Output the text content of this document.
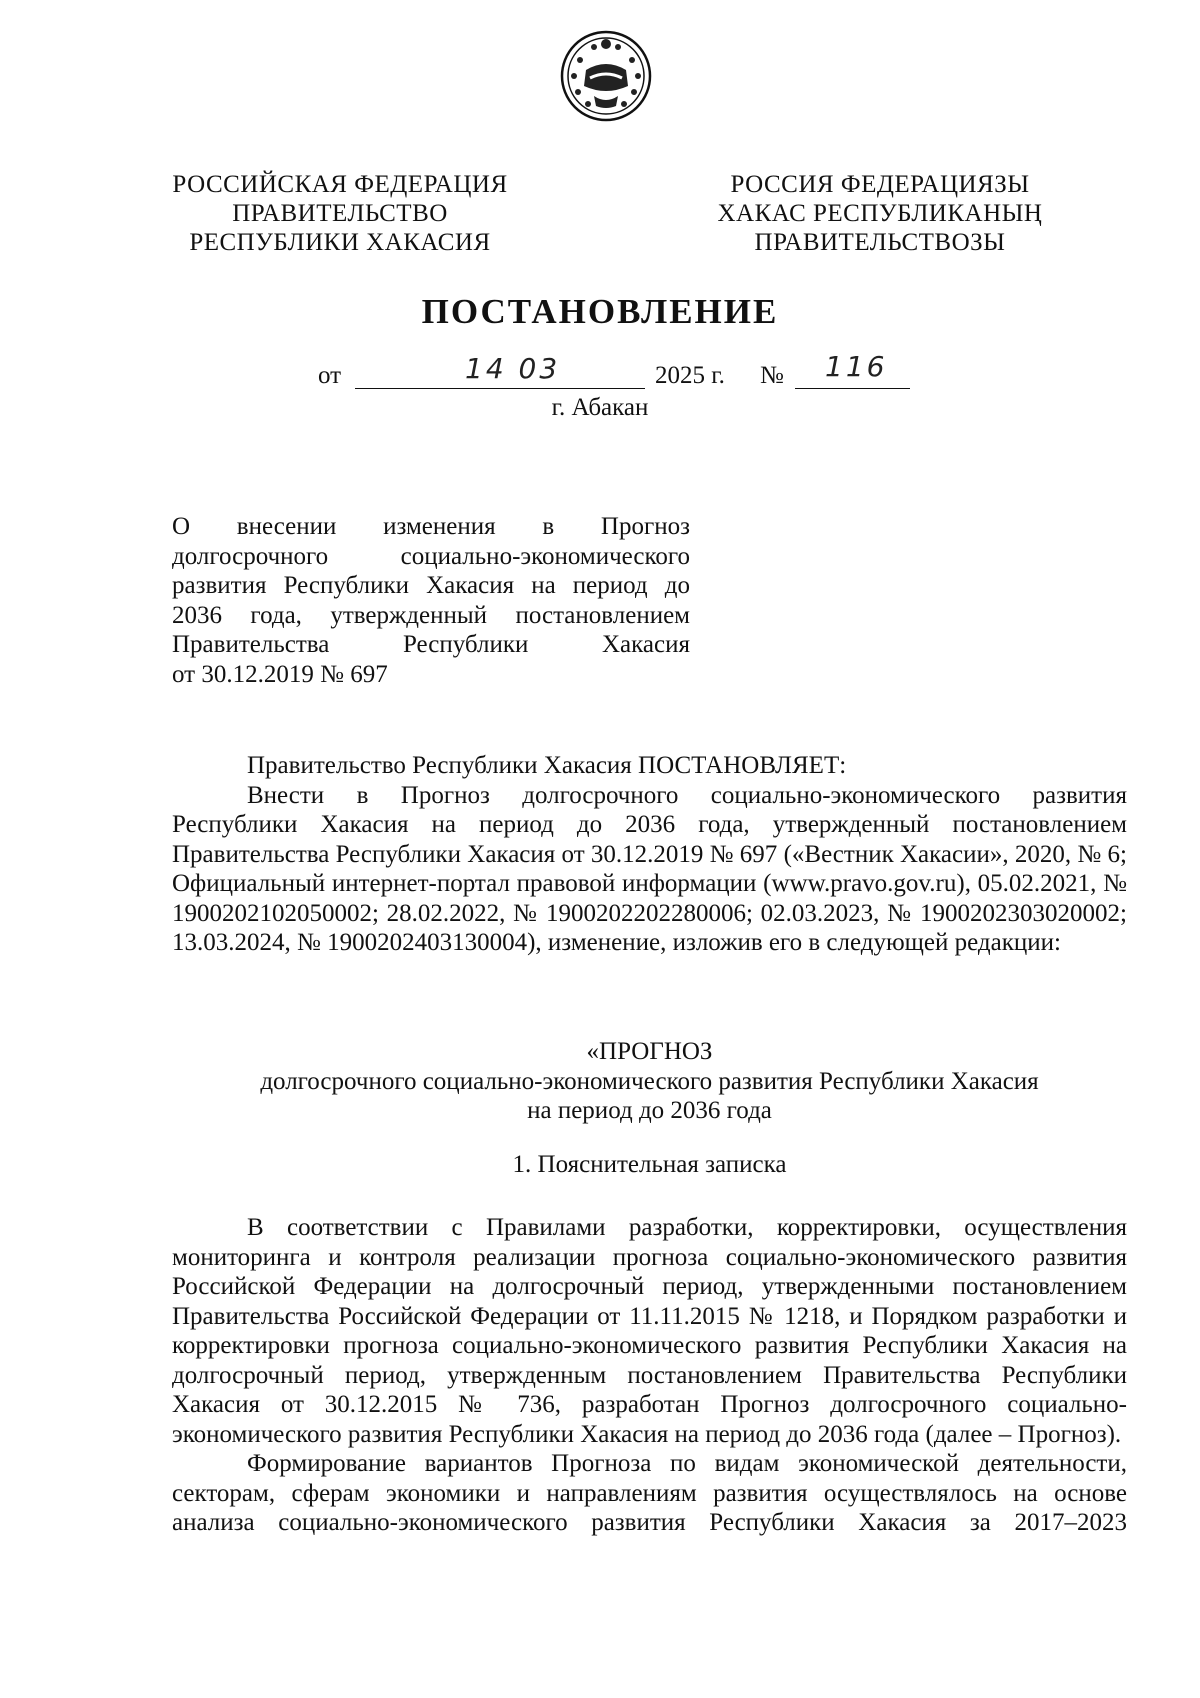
РОССИЙСКАЯ ФЕДЕРАЦИЯ
ПРАВИТЕЛЬСТВО
РЕСПУБЛИКИ ХАКАСИЯ
РОССИЯ ФЕДЕРАЦИЯЗЫ
ХАКАС РЕСПУБЛИКАНЫҢ
ПРАВИТЕЛЬСТВОЗЫ
ПОСТАНОВЛЕНИЕ
от	14 03	2025 г. № 116
г. Абакан

О внесении изменения в Прогноз долгосрочного социально-экономического развития Республики Хакасия на период до 2036 года, утвержденный постановлением Правительства Республики Хакасия

от 30.12.2019 № 697

Правительство Республики Хакасия ПОСТАНОВЛЯЕТ:

Внести в Прогноз долгосрочного социально-экономического развития Республики Хакасия на период до 2036 года, утвержденный постановлением Правительства Республики Хакасия от 30.12.2019 № 697 («Вестник Хакасии», 2020, № 6; Официальный интернет-портал правовой информации (www.pravo.gov.ru), 05.02.2021, № 1900202102050002; 28.02.2022, № 1900202202280006; 02.03.2023, № 1900202303020002; 13.03.2024, № 1900202403130004), изменение, изложив его в следующей редакции:

«ПРОГНОЗ

долгосрочного социально-экономического развития Республики Хакасия

на период до 2036 года

1. Пояснительная записка

В соответствии с Правилами разработки, корректировки, осуществления мониторинга и контроля реализации прогноза социально-экономического развития Российской Федерации на долгосрочный период, утвержденными постановлением Правительства Российской Федерации от 11.11.2015 № 1218, и Порядком разработки и корректировки прогноза социально-экономического развития Республики Хакасия на долгосрочный период, утвержденным постановлением Правительства Республики Хакасия от 30.12.2015 № 736, разработан Прогноз долгосрочного социально-экономического развития Республики Хакасия на период до 2036 года (далее – Прогноз).

Формирование вариантов Прогноза по видам экономической деятельности, секторам, сферам экономики и направлениям развития осуществлялось на основе анализа социально-экономического развития Республики Хакасия за 2017–2023
